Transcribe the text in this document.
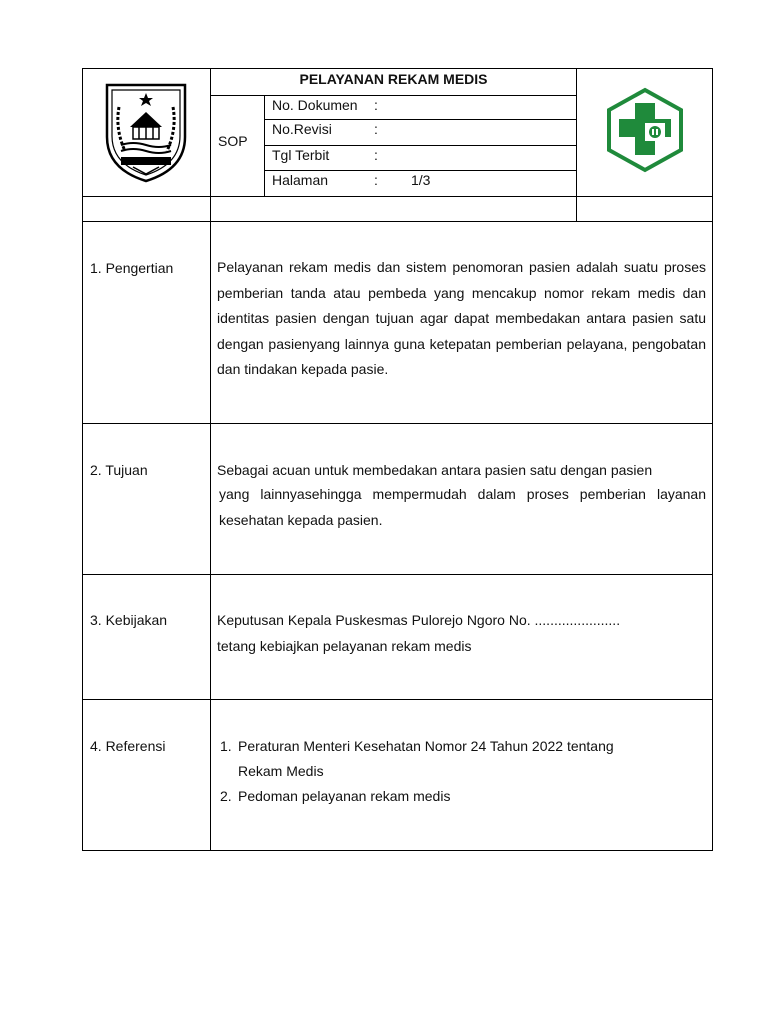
PELAYANAN REKAM MEDIS
SOP
No. Dokumen :
No.Revisi	:
Tgl Terbit	:
Halaman	: 1/3
1. Pengertian	Pelayanan rekam medis dan sistem penomoran pasien adalah suatu proses pemberian tanda atau pembeda yang mencakup nomor rekam medis dan identitas pasien dengan tujuan agar dapat membedakan antara pasien satu dengan pasienyang lainnya guna ketepatan pemberian pelayana, pengobatan dan tindakan kepada pasie.
2. Tujuan	Sebagai acuan untuk membedakan antara pasien satu dengan pasien
yang lainnyasehingga mempermudah dalam proses pemberian layanan kesehatan kepada pasien.
3. Kebijakan	Keputusan Kepala Puskesmas Pulorejo Ngoro No. ......................
tetang kebiajkan pelayanan rekam medis
4. Referensi	1. Peraturan Menteri Kesehatan Nomor 24 Tahun 2022 tentang
Rekam Medis
2. Pedoman pelayanan rekam medis
